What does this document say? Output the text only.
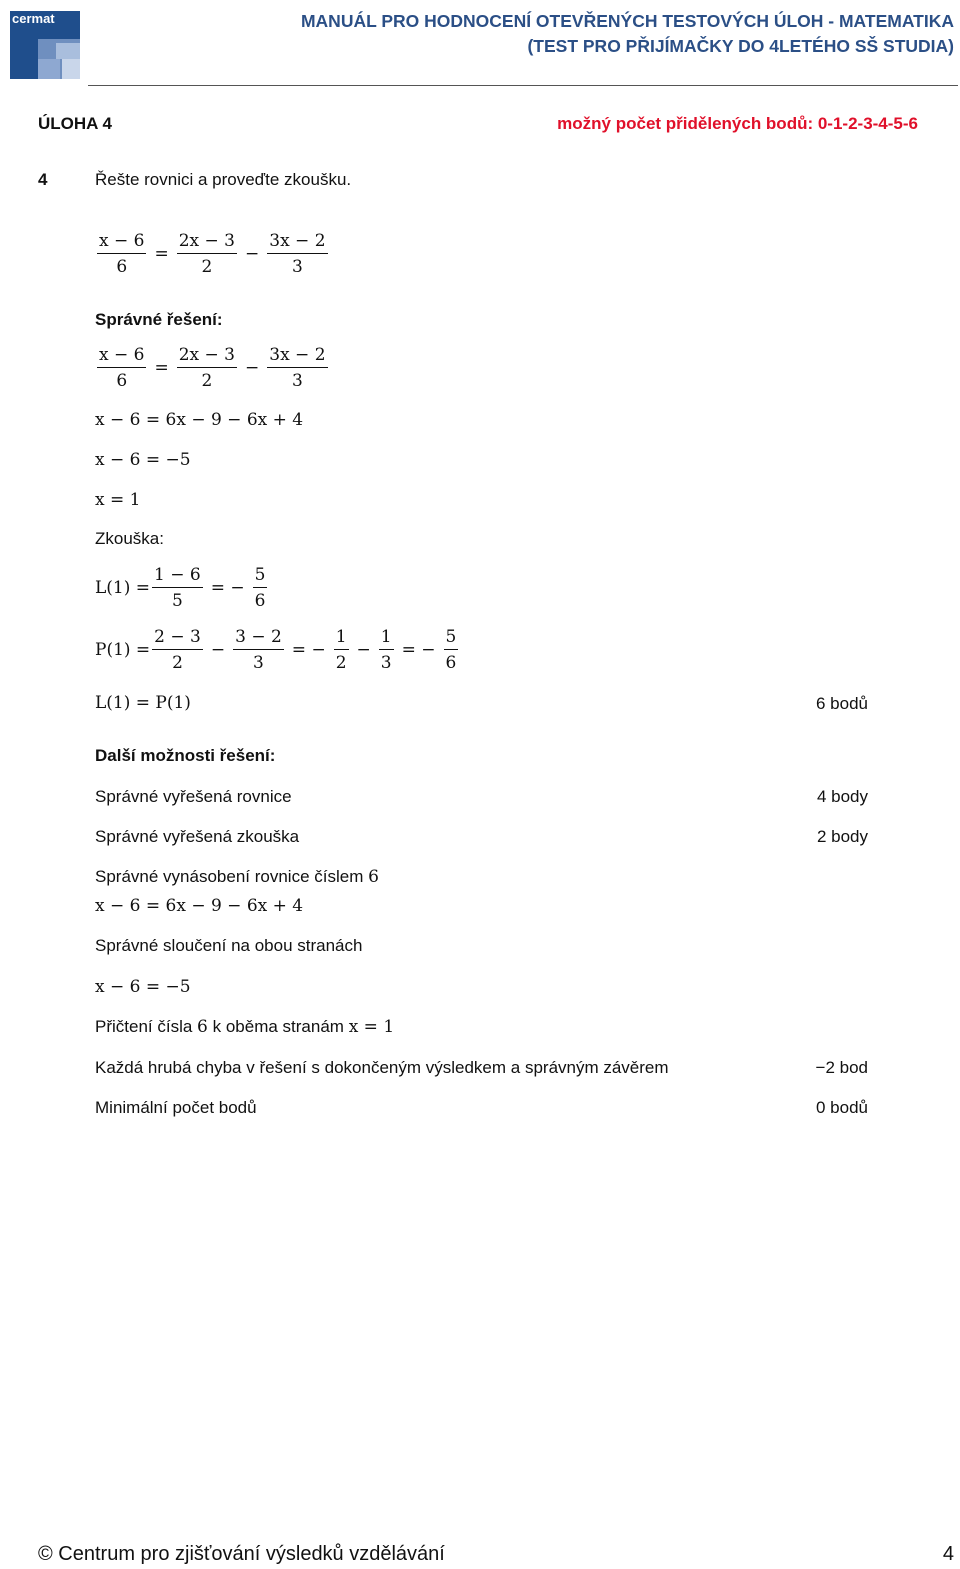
cermat	MANUÁL PRO HODNOCENÍ OTEVŘENÝCH TESTOVÝCH ÚLOH - MATEMATIKA
(TEST PRO PŘIJÍMAČKY DO 4LETÉHO SŠ STUDIA)
ÚLOHA 4	možný počet přidělených bodů: 0-1-2-3-4-5-6
4	Řešte rovnici a proveďte zkoušku.
$\frac{x - 6}{6} = \frac{2x - 3}{2} - \frac{3x - 2}{3}$
Správné řešení:
$\frac{x - 6}{6} = \frac{2x - 3}{2} - \frac{3x - 2}{3}$
x − 6 = 6x − 9 − 6x + 4
x − 6 = −5
x = 1
Zkouška:
$L(1) = \frac{1 - 6}{5}$ = − $\frac{5}{6}$
$P(1) = \frac{2 - 3}{2} - \frac{3 - 2}{3}$ = − $\frac{1}{2} - \frac{1}{3}$ = − $\frac{5}{6}$
L(1) = P(1)	6 bodů
Další možnosti řešení:
Správné vyřešená rovnice	4 body
Správné vyřešená zkouška	2 body
Správné vynásobení rovnice číslem 6
x − 6 = 6x − 9 − 6x + 4
Správné sloučení na obou stranách
x − 6 = −5
Přičtení čísla 6 k oběma stranám x = 1
Každá hrubá chyba v řešení s dokončeným výsledkem a správným závěrem	−2 bod
Minimální počet bodů	0 bodů
© Centrum pro zjišťování výsledků vzdělávání	4
